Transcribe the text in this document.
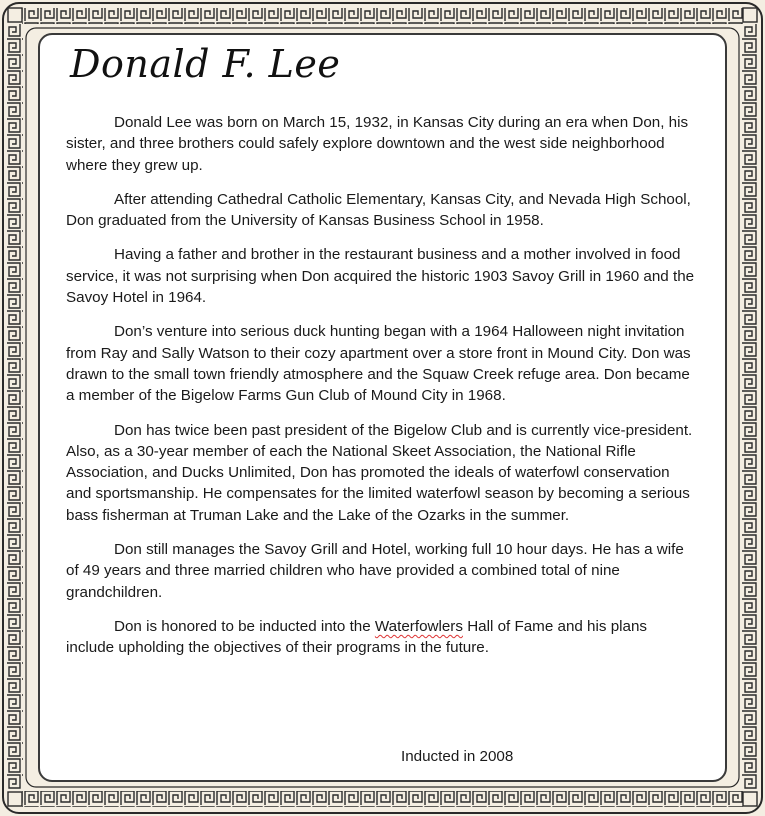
Donald F. Lee

Donald Lee was born on March 15, 1932, in Kansas City during an era when Don, his sister, and three brothers could safely explore downtown and the west side neighborhood where they grew up.

After attending Cathedral Catholic Elementary, Kansas City, and Nevada High School, Don graduated from the University of Kansas Business School in 1958.

Having a father and brother in the restaurant business and a mother involved in food service, it was not surprising when Don acquired the historic 1903 Savoy Grill in 1960 and the Savoy Hotel in 1964.

Don’s venture into serious duck hunting began with a 1964 Halloween night invitation from Ray and Sally Watson to their cozy apartment over a store front in Mound City. Don was drawn to the small town friendly atmosphere and the Squaw Creek refuge area. Don became a member of the Bigelow Farms Gun Club of Mound City in 1968.

Don has twice been past president of the Bigelow Club and is currently vice-president. Also, as a 30-year member of each the National Skeet Association, the National Rifle Association, and Ducks Unlimited, Don has promoted the ideals of waterfowl conservation and sportsmanship. He compensates for the limited waterfowl season by becoming a serious bass fisherman at Truman Lake and the Lake of the Ozarks in the summer.

Don still manages the Savoy Grill and Hotel, working full 10 hour days. He has a wife of 49 years and three married children who have provided a combined total of nine grandchildren.

Don is honored to be inducted into the Waterfowlers Hall of Fame and his plans include upholding the objectives of their programs in the future.

Inducted in 2008
